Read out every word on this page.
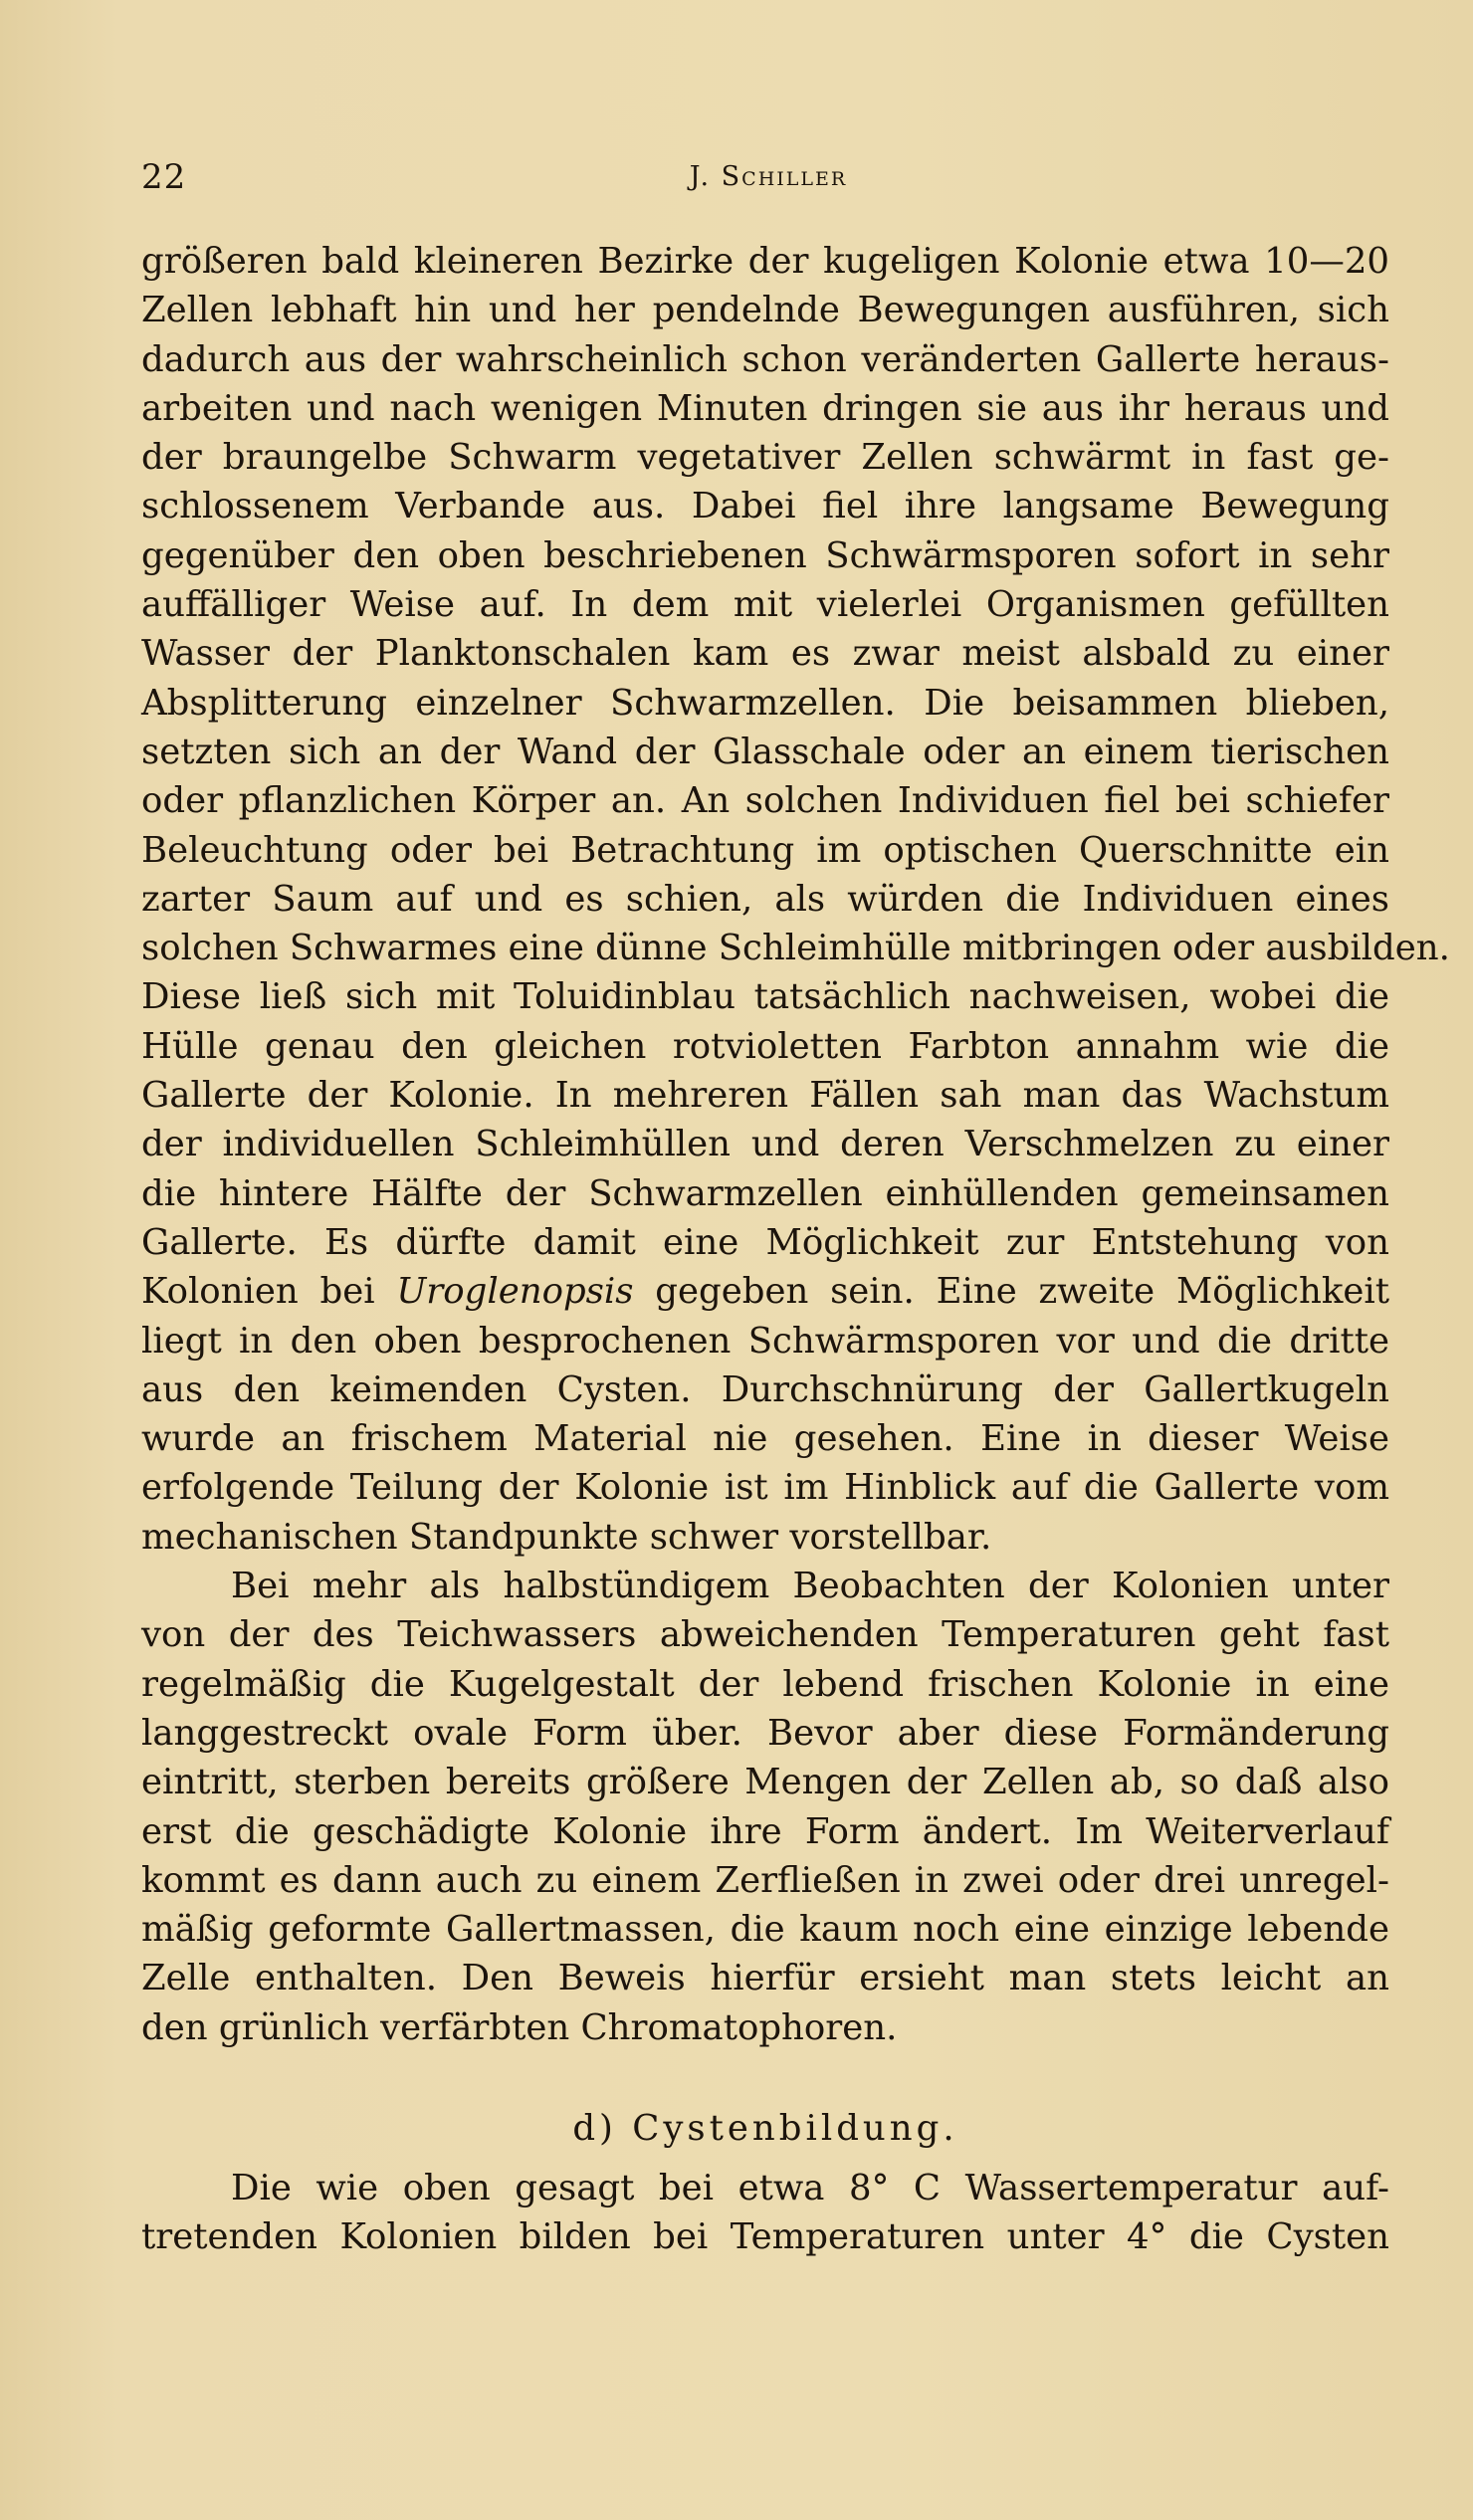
22	J. Schiller
größeren bald kleineren Bezirke der kugeligen Kolonie etwa 10—20
Zellen lebhaft hin und her pendelnde Bewegungen ausführen, sich
dadurch aus der wahrscheinlich schon veränderten Gallerte heraus-
arbeiten und nach wenigen Minuten dringen sie aus ihr heraus und
der braungelbe Schwarm vegetativer Zellen schwärmt in fast ge-
schlossenem Verbande aus. Dabei fiel ihre langsame Bewegung
gegenüber den oben beschriebenen Schwärmsporen sofort in sehr
auffälliger Weise auf. In dem mit vielerlei Organismen gefüllten
Wasser der Planktonschalen kam es zwar meist alsbald zu einer
Absplitterung einzelner Schwarmzellen. Die beisammen blieben,
setzten sich an der Wand der Glasschale oder an einem tierischen
oder pflanzlichen Körper an. An solchen Individuen fiel bei schiefer
Beleuchtung oder bei Betrachtung im optischen Querschnitte ein
zarter Saum auf und es schien, als würden die Individuen eines
solchen Schwarmes eine dünne Schleimhülle mitbringen oder ausbilden.
Diese ließ sich mit Toluidinblau tatsächlich nachweisen, wobei die
Hülle genau den gleichen rotvioletten Farbton annahm wie die
Gallerte der Kolonie. In mehreren Fällen sah man das Wachstum
der individuellen Schleimhüllen und deren Verschmelzen zu einer
die hintere Hälfte der Schwarmzellen einhüllenden gemeinsamen
Gallerte. Es dürfte damit eine Möglichkeit zur Entstehung von
Kolonien bei Uroglenopsis gegeben sein. Eine zweite Möglichkeit
liegt in den oben besprochenen Schwärmsporen vor und die dritte
aus den keimenden Cysten. Durchschnürung der Gallertkugeln
wurde an frischem Material nie gesehen. Eine in dieser Weise
erfolgende Teilung der Kolonie ist im Hinblick auf die Gallerte vom
mechanischen Standpunkte schwer vorstellbar.
Bei mehr als halbstündigem Beobachten der Kolonien unter
von der des Teichwassers abweichenden Temperaturen geht fast
regelmäßig die Kugelgestalt der lebend frischen Kolonie in eine
langgestreckt ovale Form über. Bevor aber diese Formänderung
eintritt, sterben bereits größere Mengen der Zellen ab, so daß also
erst die geschädigte Kolonie ihre Form ändert. Im Weiterverlauf
kommt es dann auch zu einem Zerfließen in zwei oder drei unregel-
mäßig geformte Gallertmassen, die kaum noch eine einzige lebende
Zelle enthalten. Den Beweis hierfür ersieht man stets leicht an
den grünlich verfärbten Chromatophoren.
d) Cystenbildung.
Die wie oben gesagt bei etwa 8° C Wassertemperatur auf-
tretenden Kolonien bilden bei Temperaturen unter 4° die Cysten
